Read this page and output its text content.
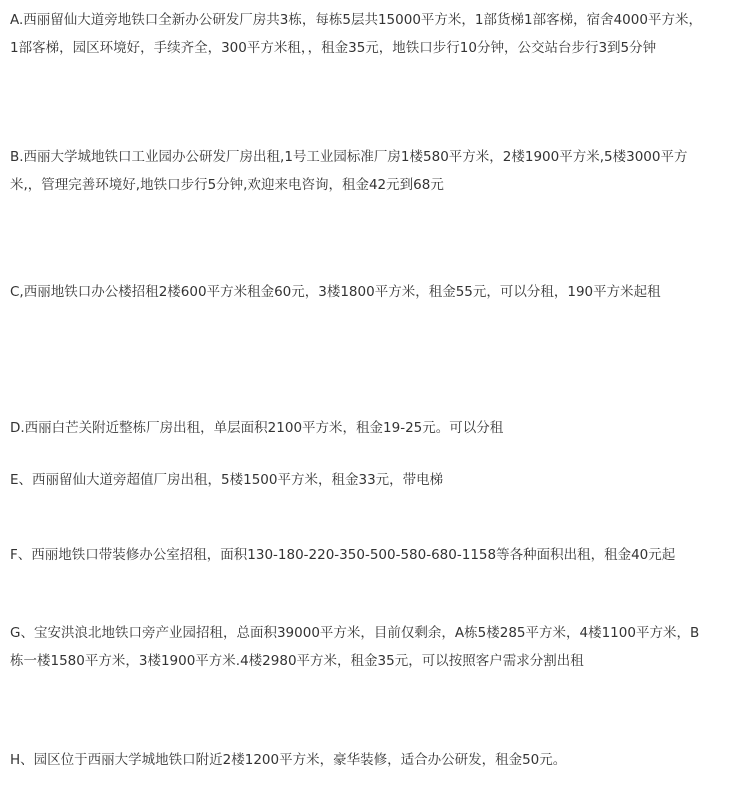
A.西丽留仙大道旁地铁口全新办公研发厂房共3栋，每栋5层共15000平方米，1部货梯1部客梯，宿舍4000平方米，
1部客梯，园区环境好，手续齐全，300平方米租，，租金35元，地铁口步行10分钟，公交站台步行3到5分钟

B.西丽大学城地铁口工业园办公研发厂房出租,1号工业园标准厂房1楼580平方米，2楼1900平方米,5楼3000平方
米,，管理完善环境好,地铁口步行5分钟,欢迎来电咨询，租金42元到68元

C,西丽地铁口办公楼招租2楼600平方米租金60元，3楼1800平方米，租金55元，可以分租，190平方米起租

D.西丽白芒关附近整栋厂房出租，单层面积2100平方米，租金19-25元。可以分租

E、西丽留仙大道旁超值厂房出租，5楼1500平方米，租金33元，带电梯

F、西丽地铁口带装修办公室招租，面积130-180-220-350-500-580-680-1158等各种面积出租，租金40元起

G、宝安洪浪北地铁口旁产业园招租，总面积39000平方米，目前仅剩余，A栋5楼285平方米，4楼1100平方米，B
栋一楼1580平方米，3楼1900平方米.4楼2980平方米，租金35元，可以按照客户需求分割出租

H、园区位于西丽大学城地铁口附近2楼1200平方米，豪华装修，适合办公研发，租金50元。
